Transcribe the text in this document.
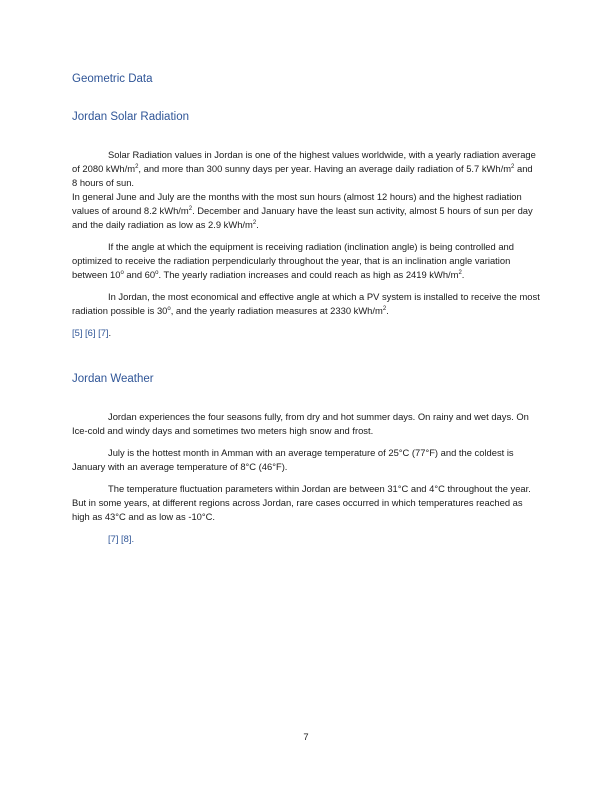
Geometric Data
Jordan Solar Radiation

Solar Radiation values in Jordan is one of the highest values worldwide, with a yearly radiation average of 2080 kWh/$m^2$, and more than 300 sunny days per year. Having an average daily radiation of 5.7 kWh/$m^2$ and 8 hours of sun.

In general June and July are the months with the most sun hours (almost 12 hours) and the highest radiation values of around 8.2 kWh/$m^2$. December and January have the least sun activity, almost 5 hours of sun per day and the daily radiation as low as 2.9 kWh/$m^2$.

If the angle at which the equipment is receiving radiation (inclination angle) is being controlled and optimized to receive the radiation perpendicularly throughout the year, that is an inclination angle variation between 10$^o$ and 60$^o$. The yearly radiation increases and could reach as high as 2419 kWh/$m^2$.

In Jordan, the most economical and effective angle at which a PV system is installed to receive the most radiation possible is 30$^o$, and the yearly radiation measures at 2330 kWh/$m^2$.

[5] [6] [7].

Jordan Weather

Jordan experiences the four seasons fully, from dry and hot summer days. On rainy and wet days. On Ice-cold and windy days and sometimes two meters high snow and frost.

July is the hottest month in Amman with an average temperature of 25°C (77°F) and the coldest is January with an average temperature of 8°C (46°F).

The temperature fluctuation parameters within Jordan are between 31°C and 4°C throughout the year. But in some years, at different regions across Jordan, rare cases occurred in which temperatures reached as high as 43°C and as low as -10°C.

[7] [8].

7
